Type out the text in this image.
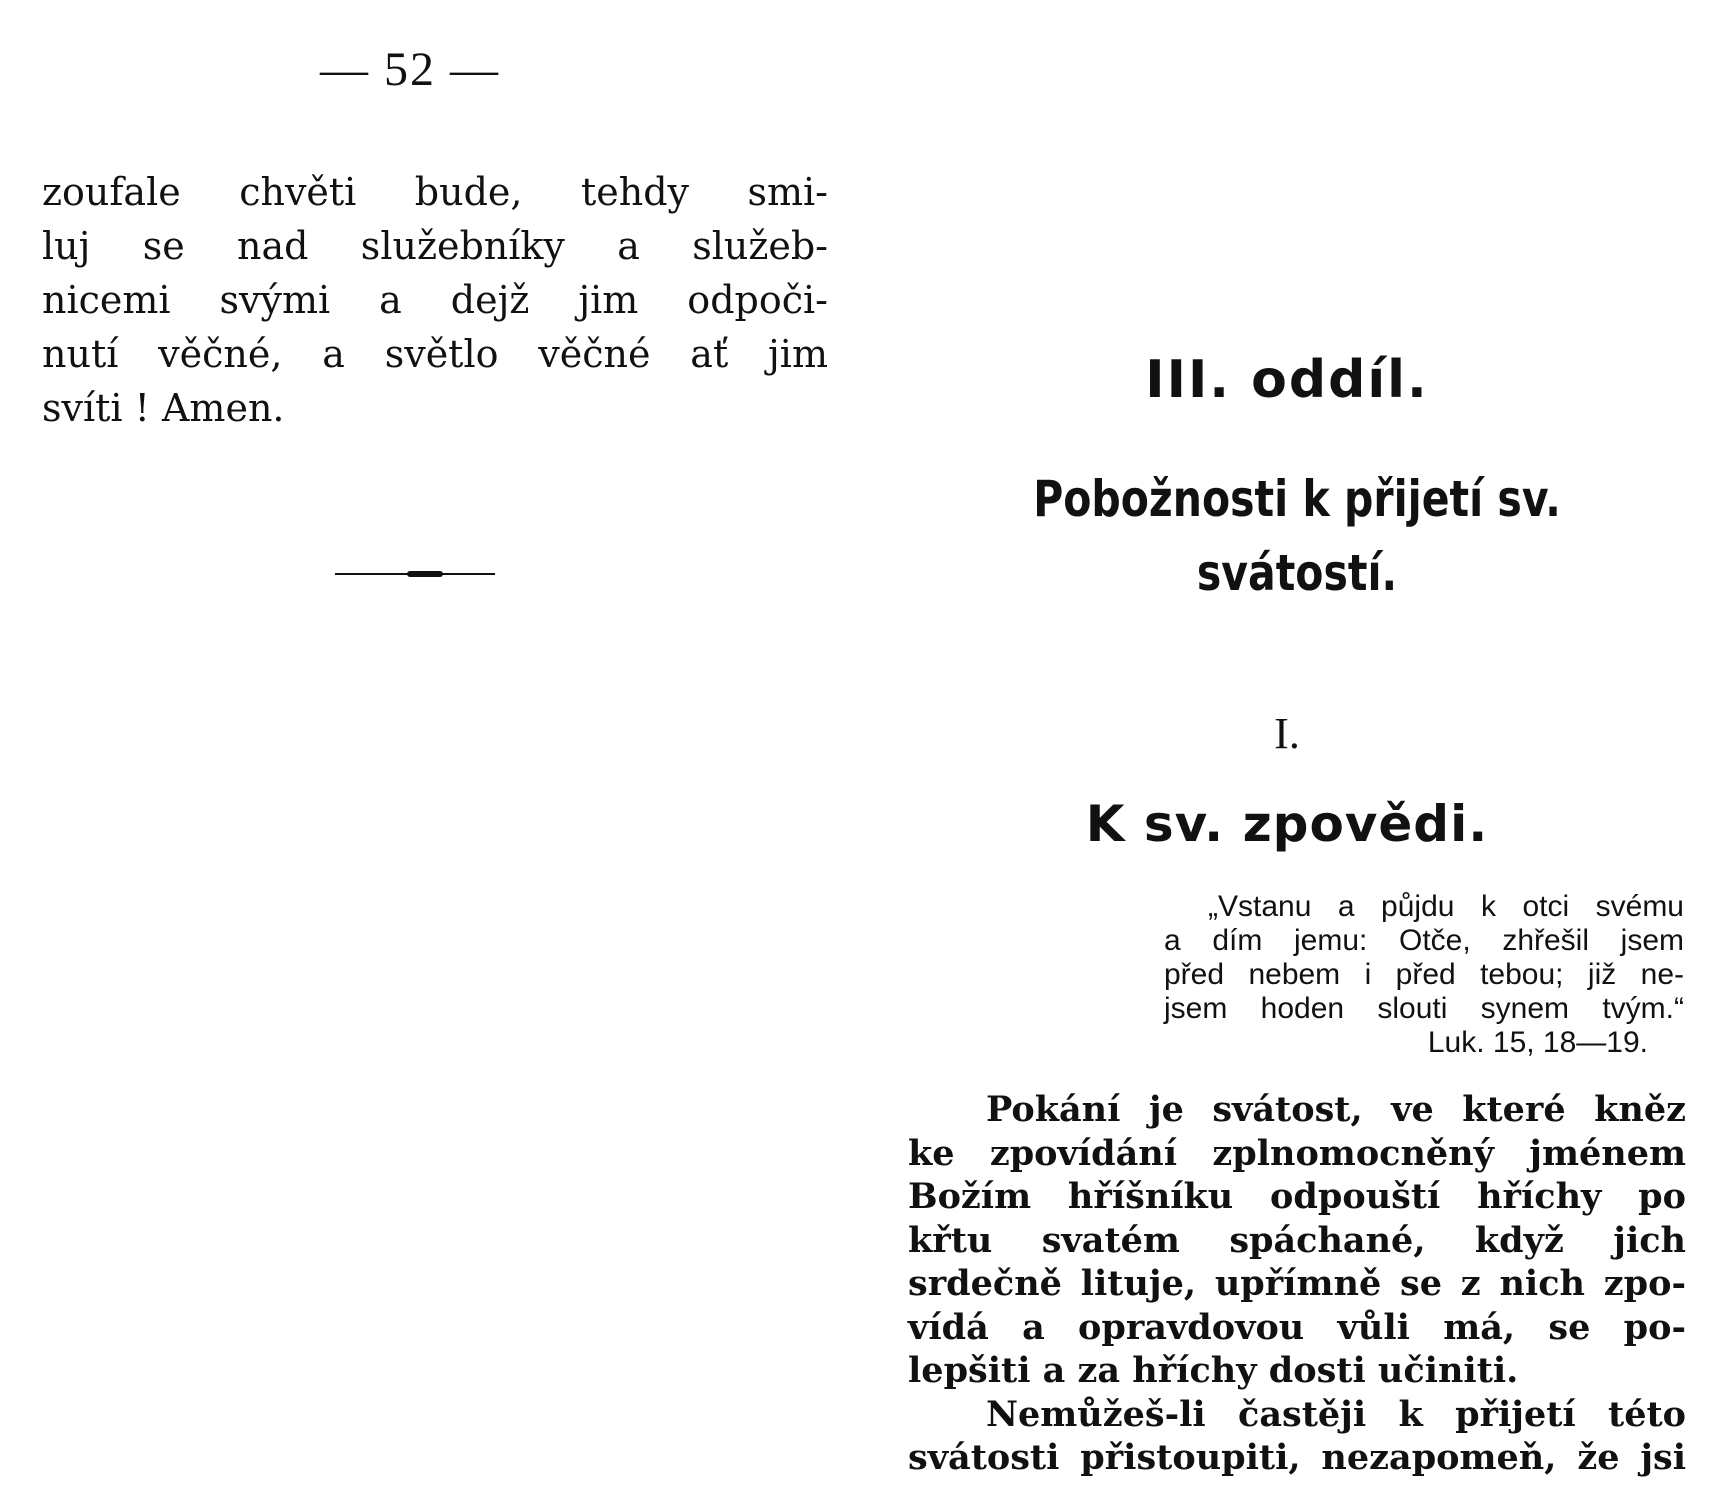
— 52 —
zoufale chvěti bude, tehdy smi-
luj se nad služebníky a služeb-
nicemi svými a dejž jim odpoči-
nutí věčné, a světlo věčné ať jim
svíti ! Amen.	III. oddíl.
Pobožnosti k přijetí sv.
svátostí.
I.
K sv. zpovědi.
„Vstanu a půjdu k otci svému
a dím jemu: Otče, zhřešil jsem
před nebem i před tebou; již ne-
jsem hoden slouti synem tvým.“
Luk. 15, 18—19.

Pokání je svátost, ve které kněz
ke zpovídání zplnomocněný jménem
Božím hříšníku odpouští hříchy po
křtu svatém spáchané, když jich
srdečně lituje, upřímně se z nich zpo-
vídá a opravdovou vůli má, se po-
lepšiti a za hříchy dosti učiniti.

Nemůžeš-li častěji k přijetí této
svátosti přistoupiti, nezapomeň, že jsi
